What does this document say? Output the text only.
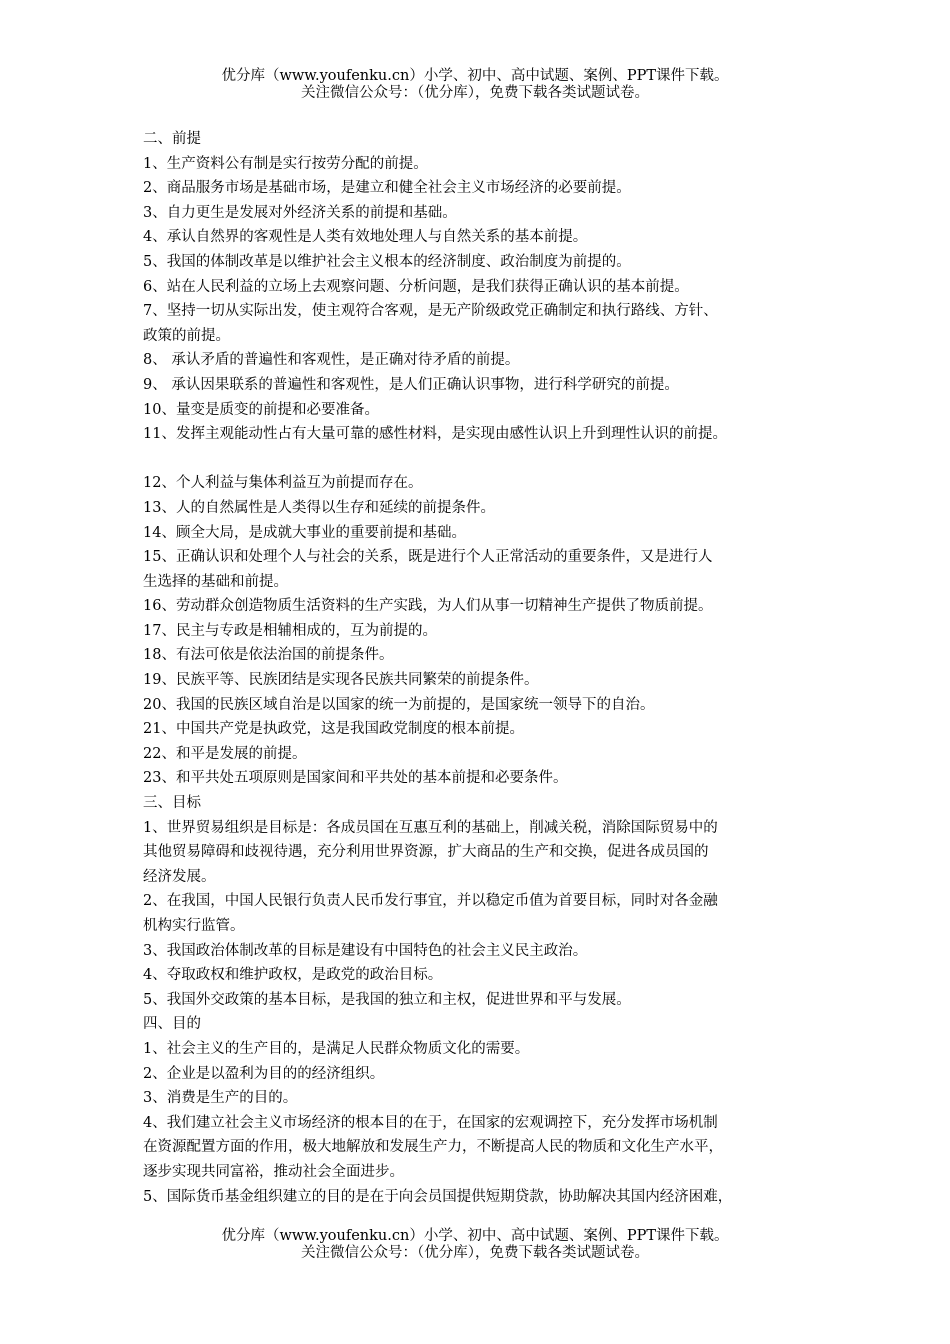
优分库（www.youfenku.cn）小学、初中、高中试题、案例、PPT课件下载。
关注微信公众号：（优分库），免费下载各类试题试卷。
二、前提
1、生产资料公有制是实行按劳分配的前提。
2、商品服务市场是基础市场，是建立和健全社会主义市场经济的必要前提。
3、自力更生是发展对外经济关系的前提和基础。
4、承认自然界的客观性是人类有效地处理人与自然关系的基本前提。
5、我国的体制改革是以维护社会主义根本的经济制度、政治制度为前提的。
6、站在人民利益的立场上去观察问题、分析问题，是我们获得正确认识的基本前提。
7、坚持一切从实际出发，使主观符合客观，是无产阶级政党正确制定和执行路线、方针、
政策的前提。
8、 承认矛盾的普遍性和客观性，是正确对待矛盾的前提。
9、 承认因果联系的普遍性和客观性，是人们正确认识事物，进行科学研究的前提。
10、量变是质变的前提和必要准备。
11、发挥主观能动性占有大量可靠的感性材料，是实现由感性认识上升到理性认识的前提。
12、个人利益与集体利益互为前提而存在。
13、人的自然属性是人类得以生存和延续的前提条件。
14、顾全大局，是成就大事业的重要前提和基础。
15、正确认识和处理个人与社会的关系，既是进行个人正常活动的重要条件，又是进行人
生选择的基础和前提。
16、劳动群众创造物质生活资料的生产实践，为人们从事一切精神生产提供了物质前提。
17、民主与专政是相辅相成的，互为前提的。
18、有法可依是依法治国的前提条件。
19、民族平等、民族团结是实现各民族共同繁荣的前提条件。
20、我国的民族区域自治是以国家的统一为前提的，是国家统一领导下的自治。
21、中国共产党是执政党，这是我国政党制度的根本前提。
22、和平是发展的前提。
23、和平共处五项原则是国家间和平共处的基本前提和必要条件。
三、目标
1、世界贸易组织是目标是：各成员国在互惠互利的基础上，削减关税，消除国际贸易中的
其他贸易障碍和歧视待遇，充分利用世界资源，扩大商品的生产和交换，促进各成员国的
经济发展。
2、在我国，中国人民银行负责人民币发行事宜，并以稳定币值为首要目标，同时对各金融
机构实行监管。
3、我国政治体制改革的目标是建设有中国特色的社会主义民主政治。
4、夺取政权和维护政权，是政党的政治目标。
5、我国外交政策的基本目标，是我国的独立和主权，促进世界和平与发展。
四、目的
1、社会主义的生产目的，是满足人民群众物质文化的需要。
2、企业是以盈利为目的的经济组织。
3、消费是生产的目的。
4、我们建立社会主义市场经济的根本目的在于，在国家的宏观调控下，充分发挥市场机制
在资源配置方面的作用，极大地解放和发展生产力，不断提高人民的物质和文化生产水平，
逐步实现共同富裕，推动社会全面进步。
5、国际货币基金组织建立的目的是在于向会员国提供短期贷款，协助解决其国内经济困难，
优分库（www.youfenku.cn）小学、初中、高中试题、案例、PPT课件下载。
关注微信公众号：（优分库），免费下载各类试题试卷。
